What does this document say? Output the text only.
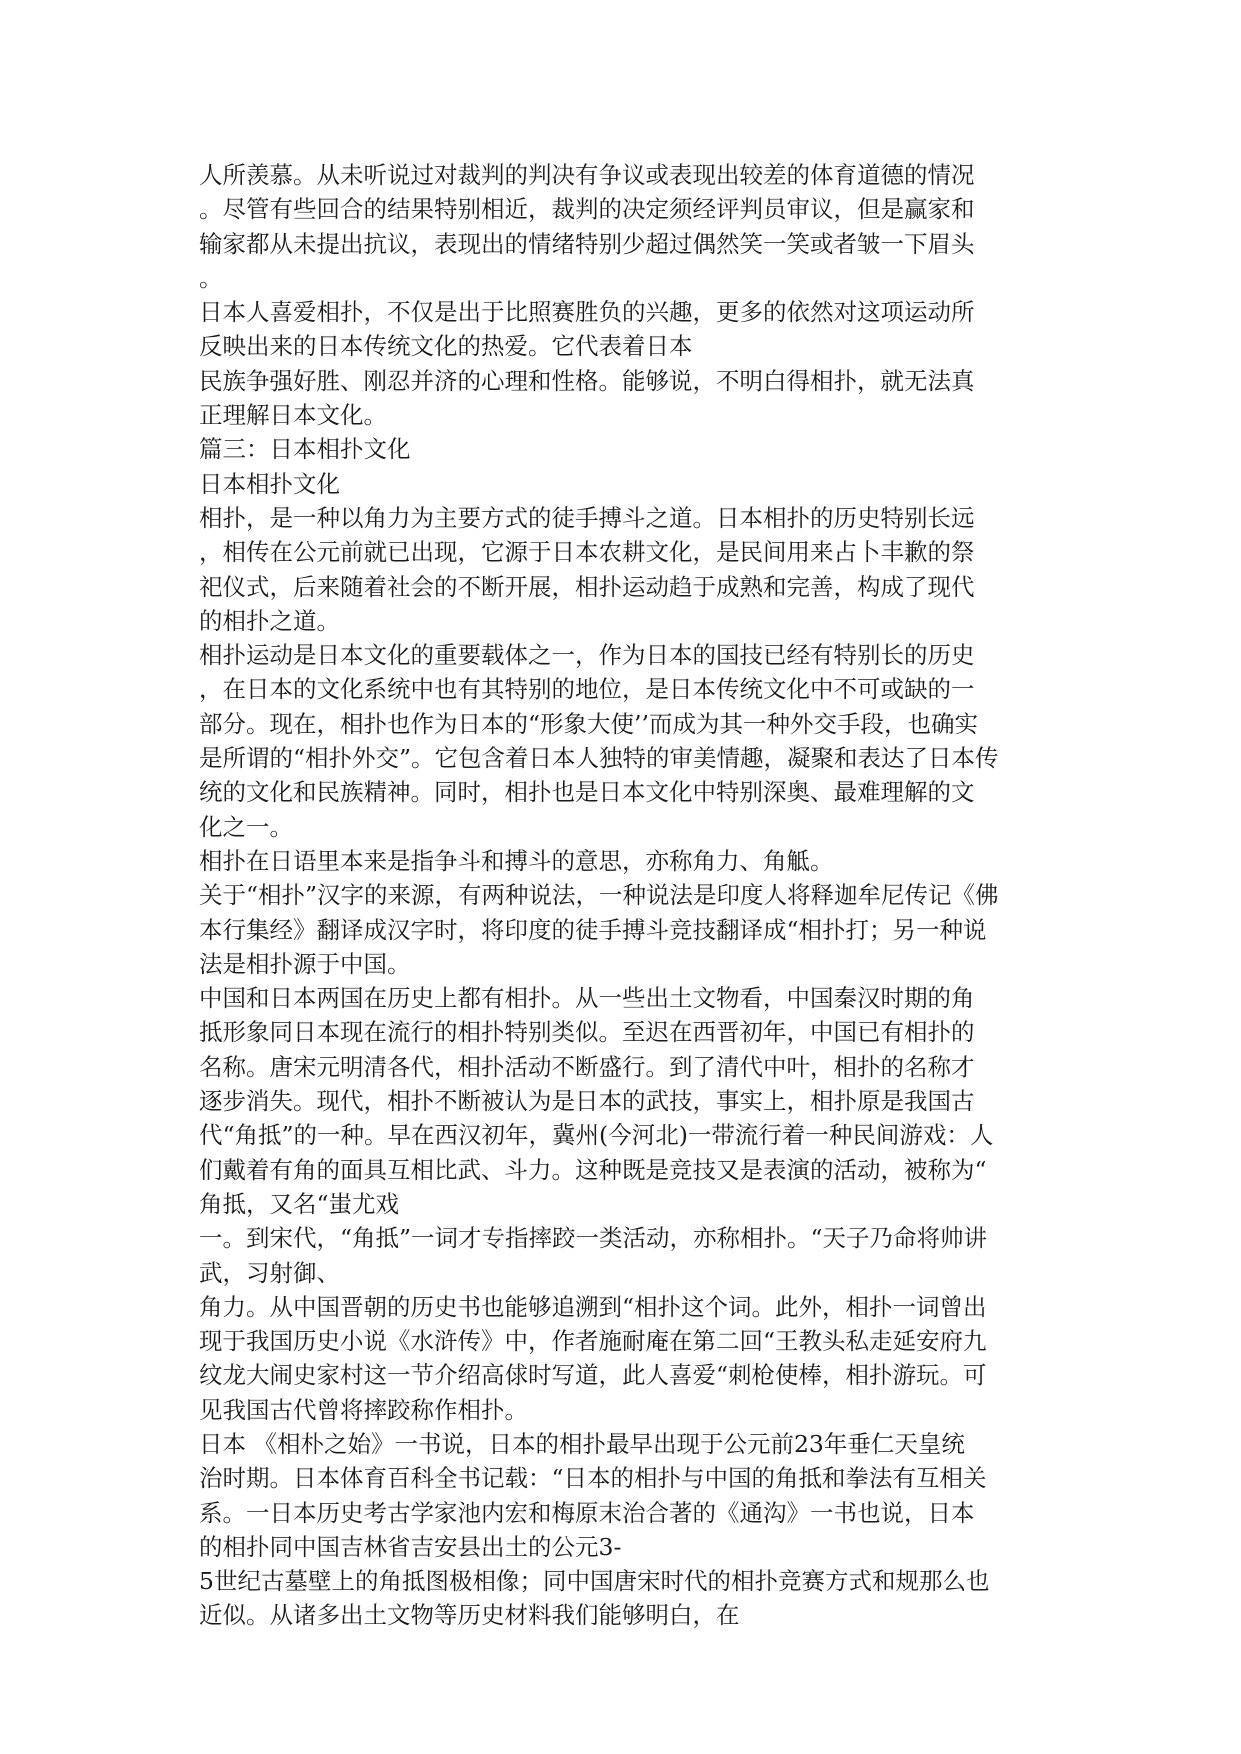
人所羡慕。从未听说过对裁判的判决有争议或表现出较差的体育道德的情况
。尽管有些回合的结果特别相近，裁判的决定须经评判员审议，但是赢家和
输家都从未提出抗议，表现出的情绪特别少超过偶然笑一笑或者皱一下眉头
。
日本人喜爱相扑，不仅是出于比照赛胜负的兴趣，更多的依然对这项运动所
反映出来的日本传统文化的热爱。它代表着日本
民族争强好胜、刚忍并济的心理和性格。能够说，不明白得相扑，就无法真
正理解日本文化。
篇三：日本相扑文化
日本相扑文化
相扑，是一种以角力为主要方式的徒手搏斗之道。日本相扑的历史特别长远
，相传在公元前就已出现，它源于日本农耕文化，是民间用来占卜丰歉的祭
祀仪式，后来随着社会的不断开展，相扑运动趋于成熟和完善，构成了现代
的相扑之道。
相扑运动是日本文化的重要载体之一，作为日本的国技已经有特别长的历史
，在日本的文化系统中也有其特别的地位，是日本传统文化中不可或缺的一
部分。现在，相扑也作为日本的“形象大使’’而成为其一种外交手段，也确实
是所谓的“相扑外交”。它包含着日本人独特的审美情趣，凝聚和表达了日本传
统的文化和民族精神。同时，相扑也是日本文化中特别深奥、最难理解的文
化之一。
相扑在日语里本来是指争斗和搏斗的意思，亦称角力、角觝。
关于“相扑”汉字的来源，有两种说法，一种说法是印度人将释迦牟尼传记《佛
本行集经》翻译成汉字时，将印度的徒手搏斗竞技翻译成“相扑打；另一种说
法是相扑源于中国。
中国和日本两国在历史上都有相扑。从一些出土文物看，中国秦汉时期的角
抵形象同日本现在流行的相扑特别类似。至迟在西晋初年，中国已有相扑的
名称。唐宋元明清各代，相扑活动不断盛行。到了清代中叶，相扑的名称才
逐步消失。现代，相扑不断被认为是日本的武技，事实上，相扑原是我国古
代“角抵”的一种。早在西汉初年，冀州(今河北)一带流行着一种民间游戏：人
们戴着有角的面具互相比武、斗力。这种既是竞技又是表演的活动，被称为“
角抵，又名“蚩尤戏
一。到宋代，“角抵”一词才专指摔跤一类活动，亦称相扑。“天子乃命将帅讲
武，习射御、
角力。从中国晋朝的历史书也能够追溯到“相扑这个词。此外，相扑一词曾出
现于我国历史小说《水浒传》中，作者施耐庵在第二回“王教头私走延安府九
纹龙大闹史家村这一节介绍高俅时写道，此人喜爱“刺枪使棒，相扑游玩。可
见我国古代曾将摔跤称作相扑。
日本 《相朴之始》一书说，日本的相扑最早出现于公元前23年垂仁天皇统
治时期。日本体育百科全书记载：“日本的相扑与中国的角抵和拳法有互相关
系。一日本历史考古学家池内宏和梅原末治合著的《通沟》一书也说，日本
的相扑同中国吉林省吉安县出土的公元3-
5世纪古墓壁上的角抵图极相像；同中国唐宋时代的相扑竞赛方式和规那么也
近似。从诸多出土文物等历史材料我们能够明白，在
